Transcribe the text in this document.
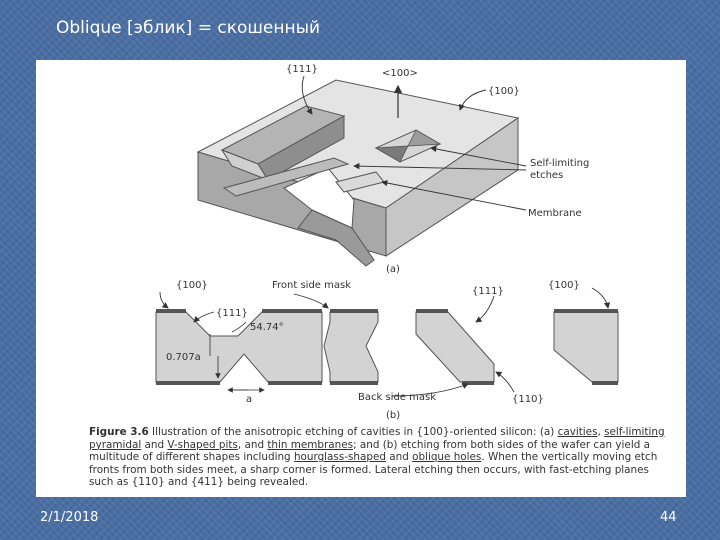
Oblique [эблик] = скошенный
{111}	<100>
{100}
Self-limiting
etches
Membrane
(a)
{100}
{111}
Front side mask
54.74°
0.707a
a	Back side mask
{111}
{100}
{110}
(b)
Figure 3.6 Illustration of the anisotropic etching of cavities in {100}-oriented silicon: (a) cavities, self-limiting pyramidal and V-shaped pits, and thin membranes; and (b) etching from both sides of the wafer can yield a multitude of different shapes including hourglass-shaped and oblique holes. When the vertically moving etch fronts from both sides meet, a sharp corner is formed. Lateral etching then occurs, with fast-etching planes such as {110} and {411} being revealed.
2/1/2018	44
